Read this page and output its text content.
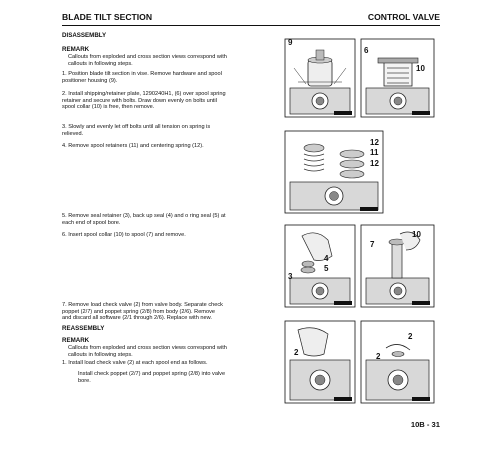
BLADE TILT SECTION	CONTROL VALVE
DISASSEMBLY
REMARK
Callouts from exploded and cross section views correspond with
callouts in following steps.
1. Position blade tilt section in vise. Remove hardware and spool
positioner housing (9).
2. Install shipping/retainer plate, 1290240H1, (6) over spool spring
retainer and secure with bolts. Draw down evenly on bolts until
spool collar (10) is free, then remove.
3. Slowly and evenly let off bolts until all tension on spring is
relieved.
4. Remove spool retainers (11) and centering spring (12).
5. Remove seal retainer (3), back up seal (4) and o ring seal (5) at
each end of spool bore.
6. Insert spool collar (10) to spool (7) and remove.
7. Remove load check valve (2) from valve body. Separate check
poppet (2/7) and poppet spring (2/8) from body (2/6). Remove
and discard all software (2/1 through 2/6). Replace with new.
REASSEMBLY
REMARK
Callouts from exploded and cross section views correspond with
callouts in following steps.
1. Install load check valve (2) at each spool end as follows.
Install check poppet (2/7) and poppet spring (2/8) into valve
bore.
9
6
10
12
11
12
4
5
3
10
7
2
2
2
10B - 31
